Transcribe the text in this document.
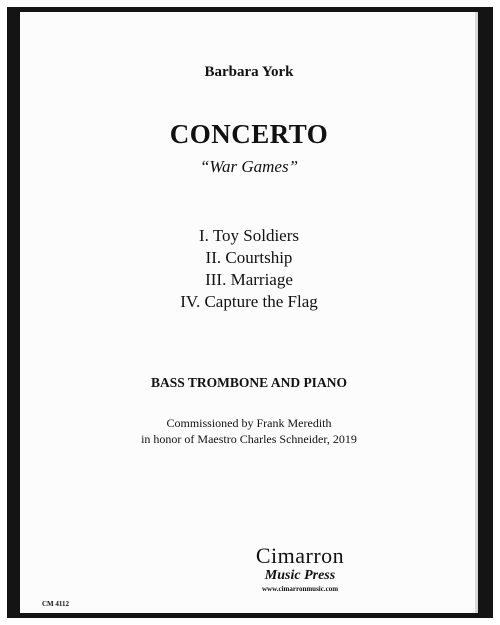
Barbara York
CONCERTO
“War Games”
I. Toy Soldiers
II. Courtship
III. Marriage
IV. Capture the Flag
BASS TROMBONE AND PIANO
Commissioned by Frank Meredith
in honor of Maestro Charles Schneider, 2019
CM 4112
Cimarron
Music Press
www.cimarronmusic.com
